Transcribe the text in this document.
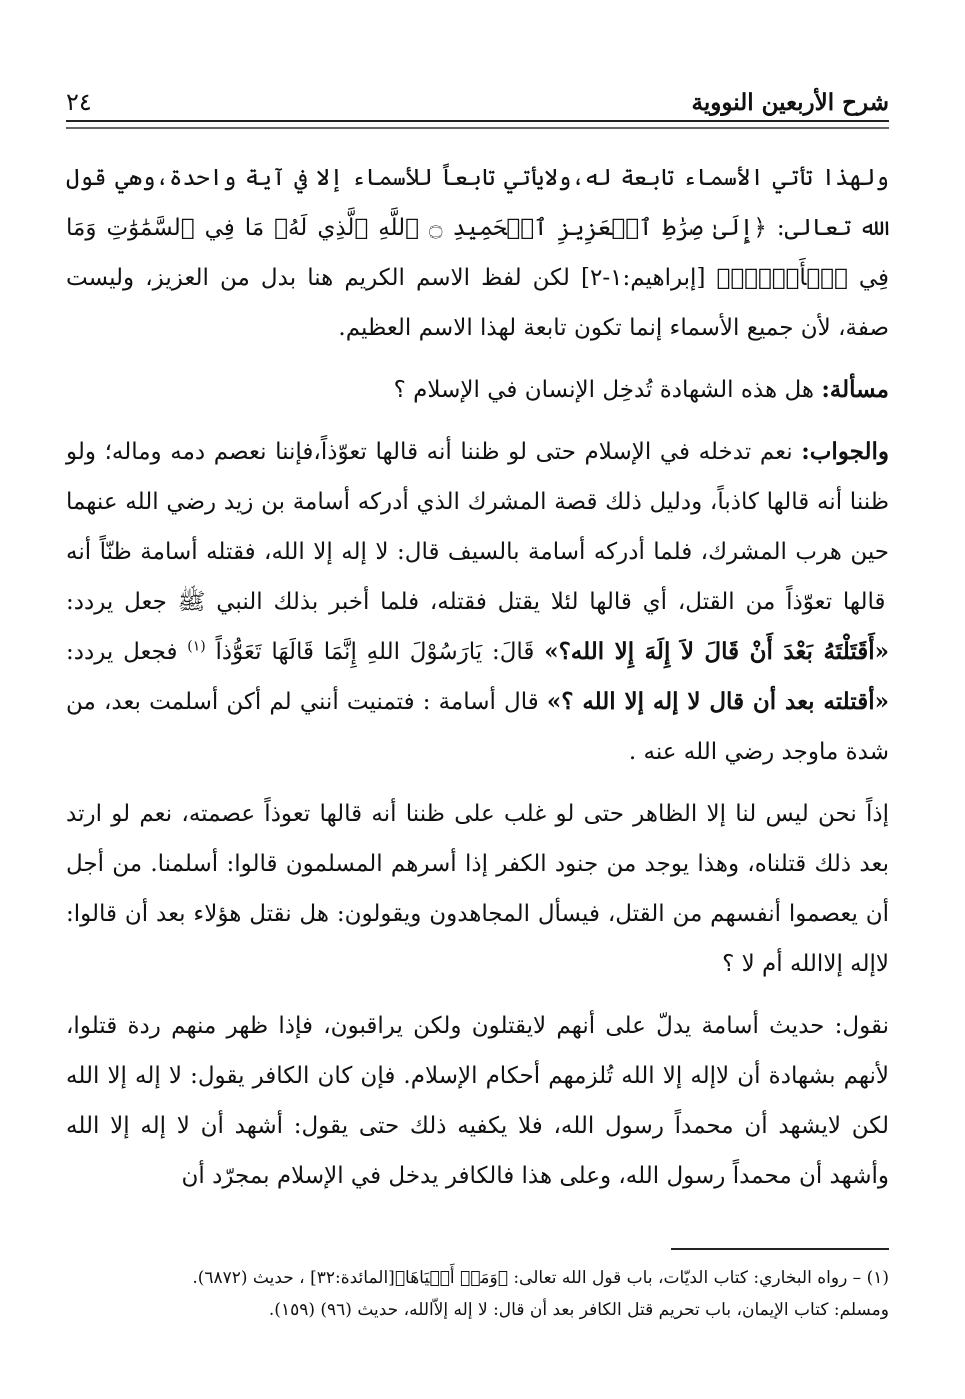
شرح الأربعين النووية
٢٤

ولهذا تأتي الأسماء تابعة له،ولايأتي تابعاً للأسماء إلا في آية واحدة،وهي قول الله تعالى: ﴿إِلَىٰ صِرَٰطِ ٱلۡعَزِيزِ ٱلۡحَمِيدِ ۝ ٱللَّهِ ٱلَّذِي لَهُۥ مَا فِي ٱلسَّمَٰوَٰتِ وَمَا فِي ٱلۡأَرۡضِۗ﴾ [إبراهيم:١-٢] لكن لفظ الاسم الكريم هنا بدل من العزيز، وليست صفة، لأن جميع الأسماء إنما تكون تابعة لهذا الاسم العظيم.

مسألة: هل هذه الشهادة تُدخِل الإنسان في الإسلام ؟

والجواب: نعم تدخله في الإسلام حتى لو ظننا أنه قالها تعوّذاً،فإننا نعصم دمه وماله؛ ولو ظننا أنه قالها كاذباً، ودليل ذلك قصة المشرك الذي أدركه أسامة بن زيد رضي الله عنهما حين هرب المشرك، فلما أدركه أسامة بالسيف قال: لا إله إلا الله، فقتله أسامة ظنّاً أنه قالها تعوّذاً من القتل، أي قالها لئلا يقتل فقتله، فلما أخبر بذلك النبي ﷺ جعل يردد: «أَقَتَلْتَهُ بَعْدَ أَنْ قَالَ لاَ إِلَهَ إِلا الله؟» قَالَ: يَارَسُوْلَ اللهِ إِنَّمَا قَالَهَا تَعَوُّذاً $^{(١)}$ فجعل يردد: «أقتلته بعد أن قال لا إله إلا الله ؟» قال أسامة : فتمنيت أنني لم أكن أسلمت بعد، من شدة ماوجد رضي الله عنه .

إذاً نحن ليس لنا إلا الظاهر حتى لو غلب على ظننا أنه قالها تعوذاً عصمته، نعم لو ارتد بعد ذلك قتلناه، وهذا يوجد من جنود الكفر إذا أسرهم المسلمون قالوا: أسلمنا. من أجل أن يعصموا أنفسهم من القتل، فيسأل المجاهدون ويقولون: هل نقتل هؤلاء بعد أن قالوا: لاإله إلاالله أم لا ؟

نقول: حديث أسامة يدلّ على أنهم لايقتلون ولكن يراقبون، فإذا ظهر منهم ردة قتلوا، لأنهم بشهادة أن لاإله إلا الله تُلزمهم أحكام الإسلام. فإن كان الكافر يقول: لا إله إلا الله لكن لايشهد أن محمداً رسول الله، فلا يكفيه ذلك حتى يقول: أشهد أن لا إله إلا الله وأشهد أن محمداً رسول الله، وعلى هذا فالكافر يدخل في الإسلام بمجرّد أن

(١) – رواه البخاري: كتاب الديّات، باب قول الله تعالى: ﴿وَمَنۡ أَحۡيَاهَا﴾[المائدة:٣٢] ، حديث (٦٨٧٢).

ومسلم: كتاب الإيمان، باب تحريم قتل الكافر بعد أن قال: لا إله إلاّالله، حديث (٩٦) (١٥٩).
